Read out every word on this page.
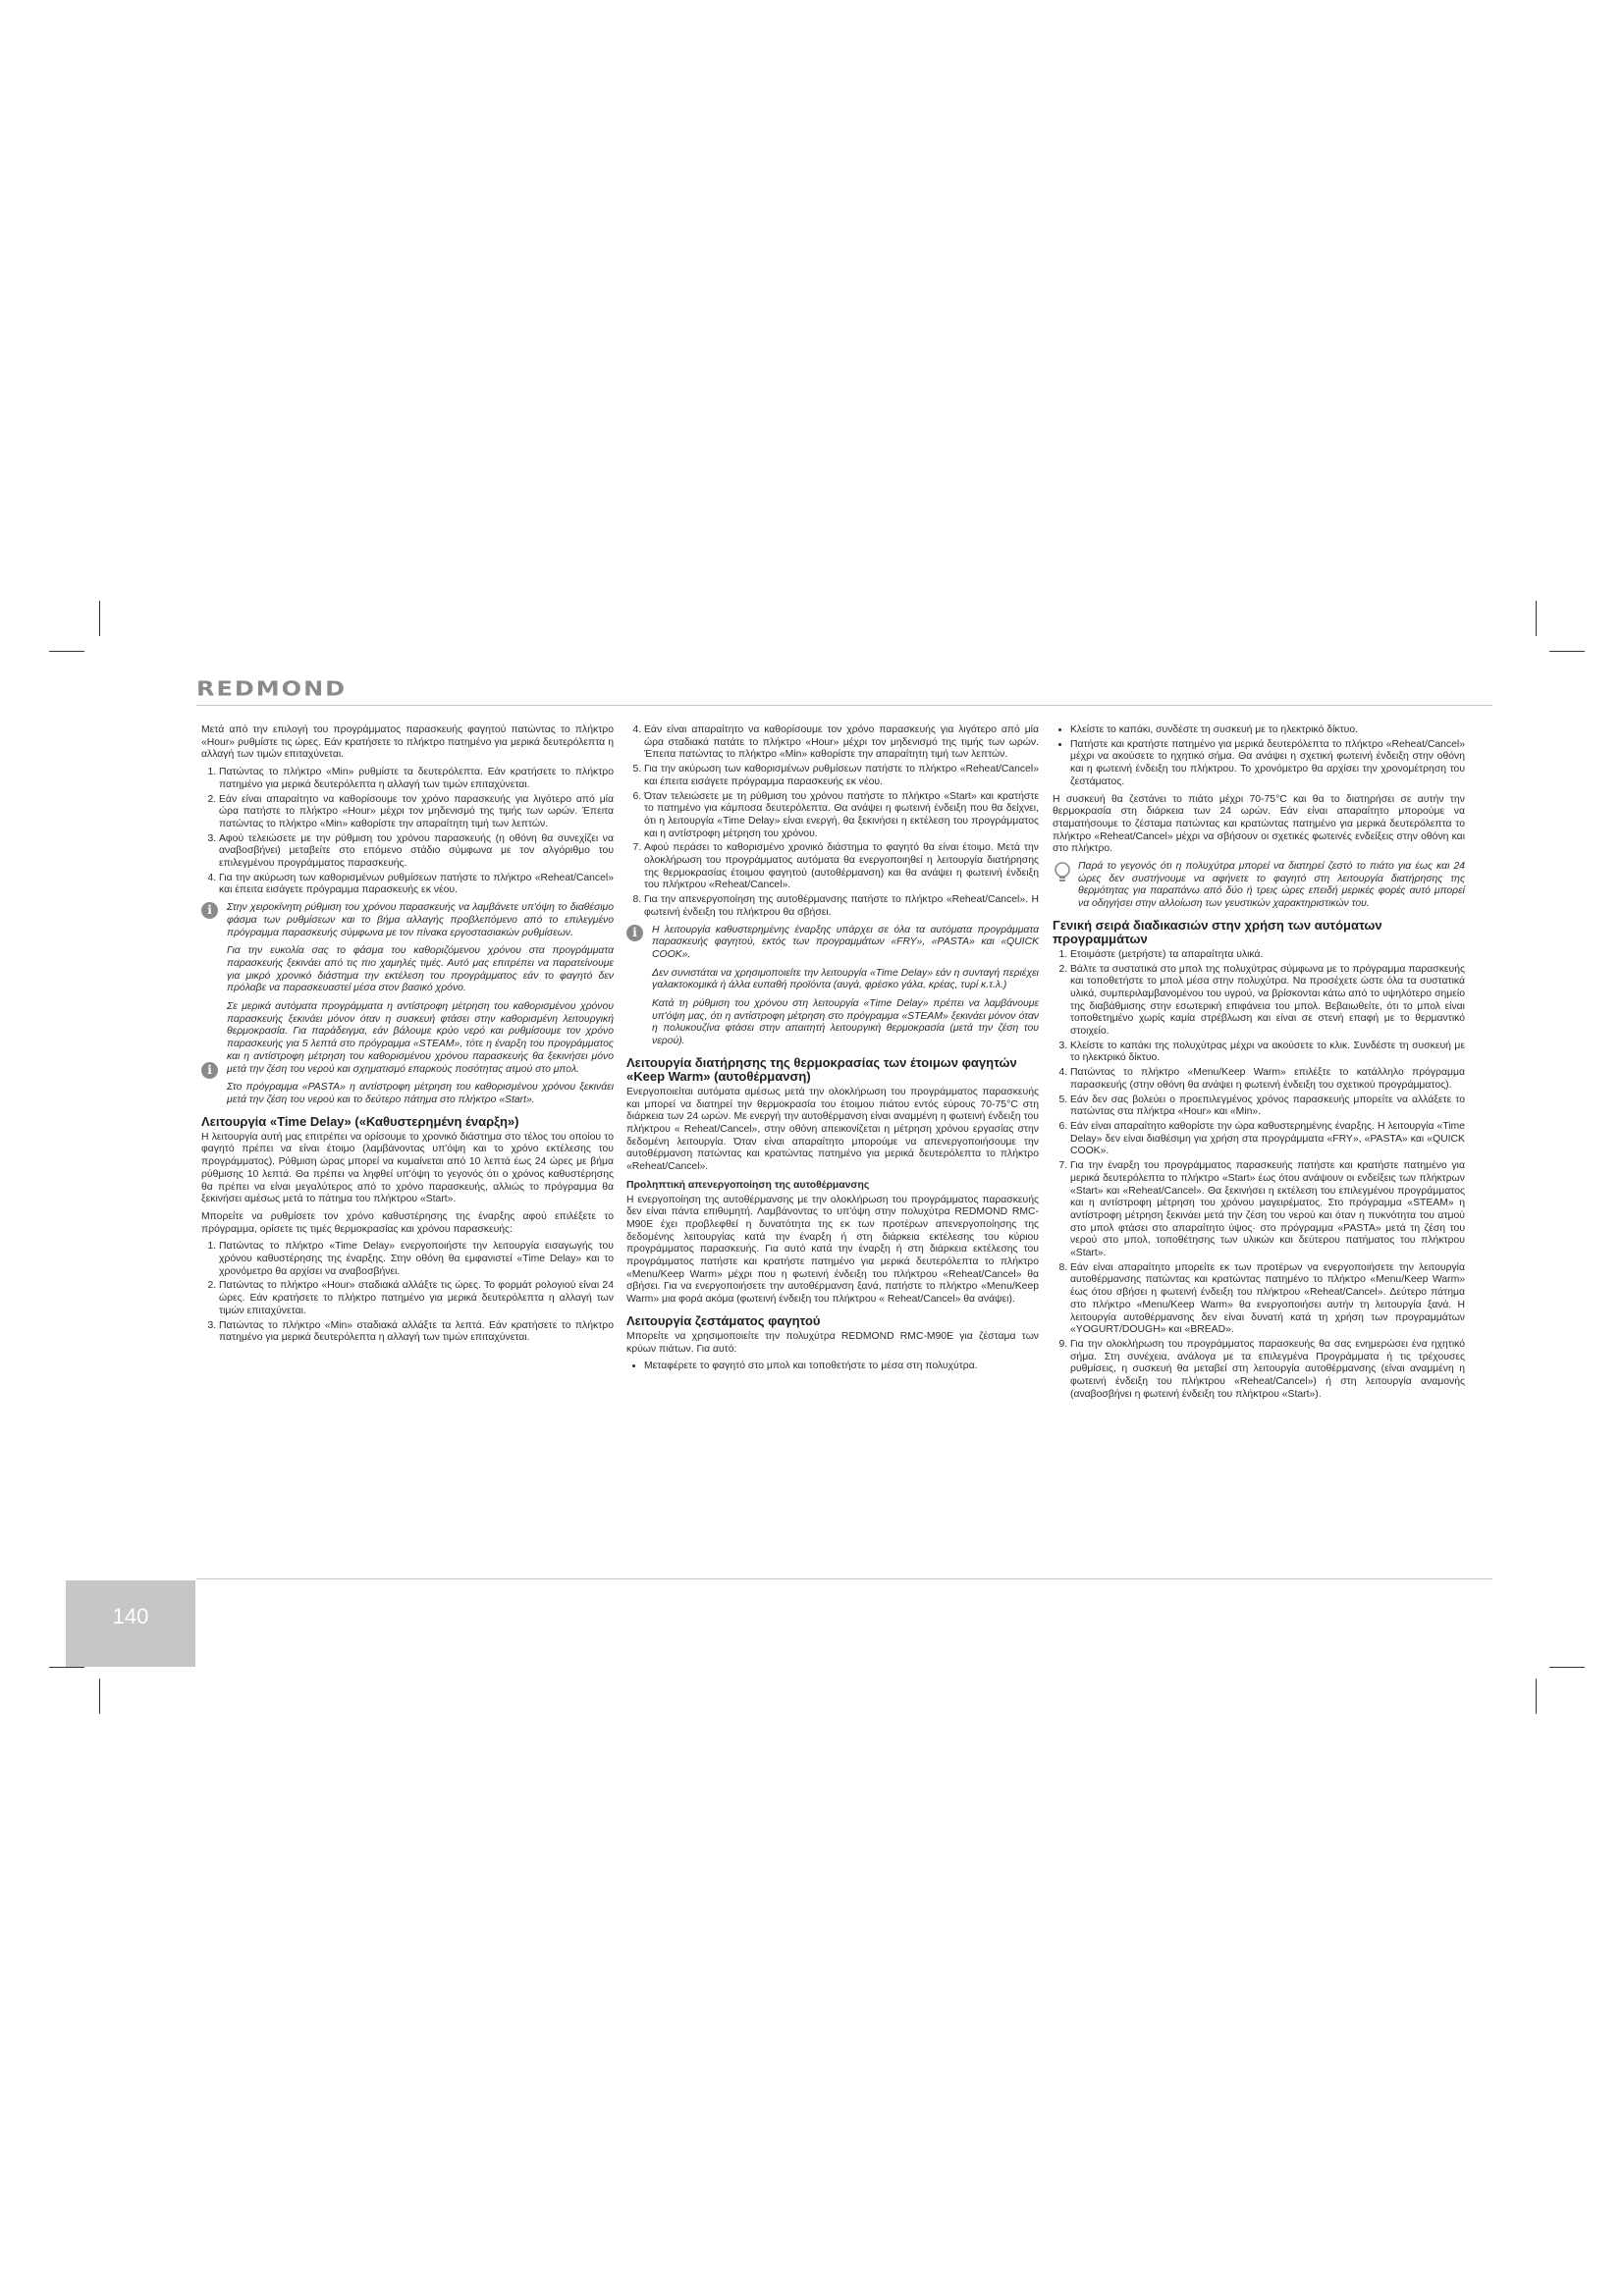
REDMOND

Μετά από την επιλογή του προγράμματος παρασκευής φαγητού πατώντας το πλήκτρο «Hour» ρυθμίστε τις ώρες. Εάν κρατήσετε το πλήκτρο πατημένο για μερικά δευτερόλεπτα η αλλαγή των τιμών επιταχύνεται.

1. Πατώντας το πλήκτρο «Min» ρυθμίστε τα δευτερόλεπτα. Εάν κρατήσετε το πλήκτρο πατημένο για μερικά δευτερόλεπτα η αλλαγή των τιμών επιταχύνεται.
2. Εάν είναι απαραίτητο να καθορίσουμε τον χρόνο παρασκευής για λιγότερο από μία ώρα πατήστε το πλήκτρο «Hour» μέχρι τον μηδενισμό της τιμής των ωρών. Έπειτα πατώντας το πλήκτρο «Min» καθορίστε την απαραίτητη τιμή των λεπτών.
3. Αφού τελειώσετε με την ρύθμιση του χρόνου παρασκευής (η οθόνη θα συνεχίζει να αναβοσβήνει) μεταβείτε στο επόμενο στάδιο σύμφωνα με τον αλγόριθμο του επιλεγμένου προγράμματος παρασκευής.
4. Για την ακύρωση των καθορισμένων ρυθμίσεων πατήστε το πλήκτρο «Reheat/Cancel» και έπειτα εισάγετε πρόγραμμα παρασκευής εκ νέου.
i	Στην χειροκίνητη ρύθμιση του χρόνου παρασκευής να λαμβάνετε υπ'όψη το διαθέσιμο φάσμα των ρυθμίσεων και το βήμα αλλαγής προβλεπόμενο από το επιλεγμένο πρόγραμμα παρασκευής σύμφωνα με τον πίνακα εργοστασιακών ρυθμίσεων.

Για την ευκολία σας το φάσμα του καθοριζόμενου χρόνου στα προγράμματα παρασκευής ξεκινάει από τις πιο χαμηλές τιμές. Αυτό μας επιτρέπει να παρατείνουμε για μικρό χρονικό διάστημα την εκτέλεση του προγράμματος εάν το φαγητό δεν πρόλαβε να παρασκευαστεί μέσα στον βασικό χρόνο.

i

Σε μερικά αυτόματα προγράμματα η αντίστροφη μέτρηση του καθορισμένου χρόνου παρασκευής ξεκινάει μόνον όταν η συσκευή φτάσει στην καθορισμένη λειτουργική θερμοκρασία. Για παράδειγμα, εάν βάλουμε κρύο νερό και ρυθμίσουμε τον χρόνο παρασκευής για 5 λεπτά στο πρόγραμμα «STEAM», τότε η έναρξη του προγράμματος και η αντίστροφη μέτρηση του καθορισμένου χρόνου παρασκευής θα ξεκινήσει μόνο μετά την ζέση του νερού και σχηματισμό επαρκούς ποσότητας ατμού στο μπολ.

Στο πρόγραμμα «PASTA» η αντίστροφη μέτρηση του καθορισμένου χρόνου ξεκινάει μετά την ζέση του νερού και το δεύτερο πάτημα στο πλήκτρο «Start».

Λειτουργία «Time Delay» («Καθυστερημένη έναρξη»)

Η λειτουργία αυτή μας επιτρέπει να ορίσουμε το χρονικό διάστημα στο τέλος του οποίου το φαγητό πρέπει να είναι έτοιμο (λαμβάνοντας υπ'όψη και το χρόνο εκτέλεσης του προγράμματος). Ρύθμιση ώρας μπορεί να κυμαίνεται από 10 λεπτά έως 24 ώρες με βήμα ρύθμισης 10 λεπτά. Θα πρέπει να ληφθεί υπ'όψη το γεγονός ότι ο χρόνος καθυστέρησης θα πρέπει να είναι μεγαλύτερος από το χρόνο παρασκευής, αλλιώς το πρόγραμμα θα ξεκινήσει αμέσως μετά το πάτημα του πλήκτρου «Start».

Μπορείτε να ρυθμίσετε τον χρόνο καθυστέρησης της έναρξης αφού επιλέξετε το πρόγραμμα, ορίσετε τις τιμές θερμοκρασίας και χρόνου παρασκευής:

1. Πατώντας το πλήκτρο «Time Delay» ενεργοποιήστε την λειτουργία εισαγωγής του χρόνου καθυστέρησης της έναρξης. Στην οθόνη θα εμφανιστεί «Time Delay» και το χρονόμετρο θα αρχίσει να αναβοσβήνει.
2. Πατώντας το πλήκτρο «Hour» σταδιακά αλλάξτε τις ώρες. Το φορμάτ ρολογιού είναι 24 ώρες. Εάν κρατήσετε το πλήκτρο πατημένο για μερικά δευτερόλεπτα η αλλαγή των τιμών επιταχύνεται.
3. Πατώντας το πλήκτρο «Min» σταδιακά αλλάξτε τα λεπτά. Εάν κρατήσετε το πλήκτρο πατημένο για μερικά δευτερόλεπτα η αλλαγή των τιμών επιταχύνεται.
4. Εάν είναι απαραίτητο να καθορίσουμε τον χρόνο παρασκευής για λιγότερο από μία ώρα σταδιακά πατάτε το πλήκτρο «Hour» μέχρι τον μηδενισμό της τιμής των ωρών. Έπειτα πατώντας το πλήκτρο «Min» καθορίστε την απαραίτητη τιμή των λεπτών.
5. Για την ακύρωση των καθορισμένων ρυθμίσεων πατήστε το πλήκτρο «Reheat/Cancel» και έπειτα εισάγετε πρόγραμμα παρασκευής εκ νέου.
6. Όταν τελειώσετε με τη ρύθμιση του χρόνου πατήστε το πλήκτρο «Start» και κρατήστε το πατημένο για κάμποσα δευτερόλεπτα. Θα ανάψει η φωτεινή ένδειξη που θα δείχνει, ότι η λειτουργία «Time Delay» είναι ενεργή, θα ξεκινήσει η εκτέλεση του προγράμματος και η αντίστροφη μέτρηση του χρόνου.
7. Αφού περάσει το καθορισμένο χρονικό διάστημα το φαγητό θα είναι έτοιμο. Μετά την ολοκλήρωση του προγράμματος αυτόματα θα ενεργοποιηθεί η λειτουργία διατήρησης της θερμοκρασίας έτοιμου φαγητού (αυτοθέρμανση) και θα ανάψει η φωτεινή ένδειξη του πλήκτρου «Reheat/Cancel».
8. Για την απενεργοποίηση της αυτοθέρμανσης πατήστε το πλήκτρο «Reheat/Cancel». Η φωτεινή ένδειξη του πλήκτρου θα σβήσει.
i	Η λειτουργία καθυστερημένης έναρξης υπάρχει σε όλα τα αυτόματα προγράμματα παρασκευής φαγητού, εκτός των προγραμμάτων «FRY», «PASTA» και «QUICK COOK».

Δεν συνιστάται να χρησιμοποιείτε την λειτουργία «Time Delay» εάν η συνταγή περιέχει γαλακτοκομικά ή άλλα ευπαθή προϊόντα (αυγά, φρέσκο γάλα, κρέας, τυρί κ.τ.λ.)

Κατά τη ρύθμιση του χρόνου στη λειτουργία «Time Delay» πρέπει να λαμβάνουμε υπ'όψη μας, ότι η αντίστροφη μέτρηση στο πρόγραμμα «STEAM» ξεκινάει μόνον όταν η πολυκουζίνα φτάσει στην απαιτητή λειτουργική θερμοκρασία (μετά την ζέση του νερού).

Λειτουργία διατήρησης της θερμοκρασίας των έτοιμων φαγητών «Keep Warm» (αυτοθέρμανση)

Ενεργοποιείται αυτόματα αμέσως μετά την ολοκλήρωση του προγράμματος παρασκευής και μπορεί να διατηρεί την θερμοκρασία του έτοιμου πιάτου εντός εύρους 70-75°C στη διάρκεια των 24 ωρών. Με ενεργή την αυτοθέρμανση είναι αναμμένη η φωτεινή ένδειξη του πλήκτρου « Reheat/Cancel», στην οθόνη απεικονίζεται η μέτρηση χρόνου εργασίας στην δεδομένη λειτουργία. Όταν είναι απαραίτητο μπορούμε να απενεργοποιήσουμε την αυτοθέρμανση πατώντας και κρατώντας πατημένο για μερικά δευτερόλεπτα το πλήκτρο «Reheat/Cancel».

Προληπτική απενεργοποίηση της αυτοθέρμανσης

Η ενεργοποίηση της αυτοθέρμανσης με την ολοκλήρωση του προγράμματος παρασκευής δεν είναι πάντα επιθυμητή. Λαμβάνοντας το υπ'όψη στην πολυχύτρα REDMOND RMC-M90E έχει προβλεφθεί η δυνατότητα της εκ των προτέρων απενεργοποίησης της δεδομένης λειτουργίας κατά την έναρξη ή στη διάρκεια εκτέλεσης του κύριου προγράμματος παρασκευής. Για αυτό κατά την έναρξη ή στη διάρκεια εκτέλεσης του προγράμματος πατήστε και κρατήστε πατημένο για μερικά δευτερόλεπτα το πλήκτρο «Menu/Keep Warm» μέχρι που η φωτεινή ένδειξη του πλήκτρου «Reheat/Cancel» θα σβήσει. Για να ενεργοποιήσετε την αυτοθέρμανση ξανά, πατήστε το πλήκτρο «Menu/Keep Warm» μια φορά ακόμα (φωτεινή ένδειξη του πλήκτρου « Reheat/Cancel» θα ανάψει).

Λειτουργία ζεστάματος φαγητού

Μπορείτε να χρησιμοποιείτε την πολυχύτρα REDMOND RMC-M90E για ζέσταμα των κρύων πιάτων. Για αυτό:

• Μεταφέρετε το φαγητό στο μπολ και τοποθετήστε το μέσα στη πολυχύτρα.
• Κλείστε το καπάκι, συνδέστε τη συσκευή με το ηλεκτρικό δίκτυο.
• Πατήστε και κρατήστε πατημένο για μερικά δευτερόλεπτα το πλήκτρο «Reheat/Cancel» μέχρι να ακούσετε το ηχητικό σήμα. Θα ανάψει η σχετική φωτεινή ένδειξη στην οθόνη και η φωτεινή ένδειξη του πλήκτρου. Το χρονόμετρο θα αρχίσει την χρονομέτρηση του ζεστάματος.

Η συσκευή θα ζεστάνει το πιάτο μέχρι 70-75°C και θα το διατηρήσει σε αυτήν την θερμοκρασία στη διάρκεια των 24 ωρών. Εάν είναι απαραίτητο μπορούμε να σταματήσουμε το ζέσταμα πατώντας και κρατώντας πατημένο για μερικά δευτερόλεπτα το πλήκτρο «Reheat/Cancel» μέχρι να σβήσουν οι σχετικές φωτεινές ενδείξεις στην οθόνη και στο πλήκτρο.

Παρά το γεγονός ότι η πολυχύτρα μπορεί να διατηρεί ζεστό το πιάτο για έως και 24 ώρες δεν συστήνουμε να αφήνετε το φαγητό στη λειτουργία διατήρησης της θερμότητας για παραπάνω από δύο ή τρεις ώρες επειδή μερικές φορές αυτό μπορεί να οδηγήσει στην αλλοίωση των γευστικών χαρακτηριστικών του.

Γενική σειρά διαδικασιών στην χρήση των αυτόματων προγραμμάτων
1. Ετοιμάστε (μετρήστε) τα απαραίτητα υλικά.
2. Βάλτε τα συστατικά στο μπολ της πολυχύτρας σύμφωνα με το πρόγραμμα παρασκευής και τοποθετήστε το μπολ μέσα στην πολυχύτρα. Να προσέχετε ώστε όλα τα συστατικά υλικά, συμπεριλαμβανομένου του υγρού, να βρίσκονται κάτω από το υψηλότερο σημείο της διαβάθμισης στην εσωτερική επιφάνεια του μπολ. Βεβαιωθείτε, ότι το μπολ είναι τοποθετημένο χωρίς καμία στρέβλωση και είναι σε στενή επαφή με το θερμαντικό στοιχείο.
3. Κλείστε το καπάκι της πολυχύτρας μέχρι να ακούσετε το κλικ. Συνδέστε τη συσκευή με το ηλεκτρικό δίκτυο.
4. Πατώντας το πλήκτρο «Menu/Keep Warm» επιλέξτε το κατάλληλο πρόγραμμα παρασκευής (στην οθόνη θα ανάψει η φωτεινή ένδειξη του σχετικού προγράμματος).
5. Εάν δεν σας βολεύει ο προεπιλεγμένος χρόνος παρασκευής μπορείτε να αλλάξετε το πατώντας στα πλήκτρα «Hour» και «Min».
6. Εάν είναι απαραίτητο καθορίστε την ώρα καθυστερημένης έναρξης. Η λειτουργία «Time Delay» δεν είναι διαθέσιμη για χρήση στα προγράμματα «FRY», «PASTA» και «QUICK COOK».
7. Για την έναρξη του προγράμματος παρασκευής πατήστε και κρατήστε πατημένο για μερικά δευτερόλεπτα το πλήκτρο «Start» έως ότου ανάψουν οι ενδείξεις των πλήκτρων «Start» και «Reheat/Cancel». Θα ξεκινήσει η εκτέλεση του επιλεγμένου προγράμματος και η αντίστροφη μέτρηση του χρόνου μαγειρέματος. Στο πρόγραμμα «STEAM» η αντίστροφη μέτρηση ξεκινάει μετά την ζέση του νερού και όταν η πυκνότητα του ατμού στο μπολ φτάσει στο απαραίτητο ύψος· στο πρόγραμμα «PASTA» μετά τη ζέση του νερού στο μπολ, τοποθέτησης των υλικών και δεύτερου πατήματος του πλήκτρου «Start».
8. Εάν είναι απαραίτητο μπορείτε εκ των προτέρων να ενεργοποιήσετε την λειτουργία αυτοθέρμανσης πατώντας και κρατώντας πατημένο το πλήκτρο «Menu/Keep Warm» έως ότου σβήσει η φωτεινή ένδειξη του πλήκτρου «Reheat/Cancel». Δεύτερο πάτημα στο πλήκτρο «Menu/Keep Warm» θα ενεργοποιήσει αυτήν τη λειτουργία ξανά. Η λειτουργία αυτοθέρμανσης δεν είναι δυνατή κατά τη χρήση των προγραμμάτων «YOGURT/DOUGH» και «BREAD».
9. Για την ολοκλήρωση του προγράμματος παρασκευής θα σας ενημερώσει ένα ηχητικό σήμα. Στη συνέχεια, ανάλογα με τα επιλεγμένα Προγράμματα ή τις τρέχουσες ρυθμίσεις, η συσκευή θα μεταβεί στη λειτουργία αυτοθέρμανσης (είναι αναμμένη η φωτεινή ένδειξη του πλήκτρου «Reheat/Cancel») ή στη λειτουργία αναμονής (αναβοσβήνει η φωτεινή ένδειξη του πλήκτρου «Start»).
140
